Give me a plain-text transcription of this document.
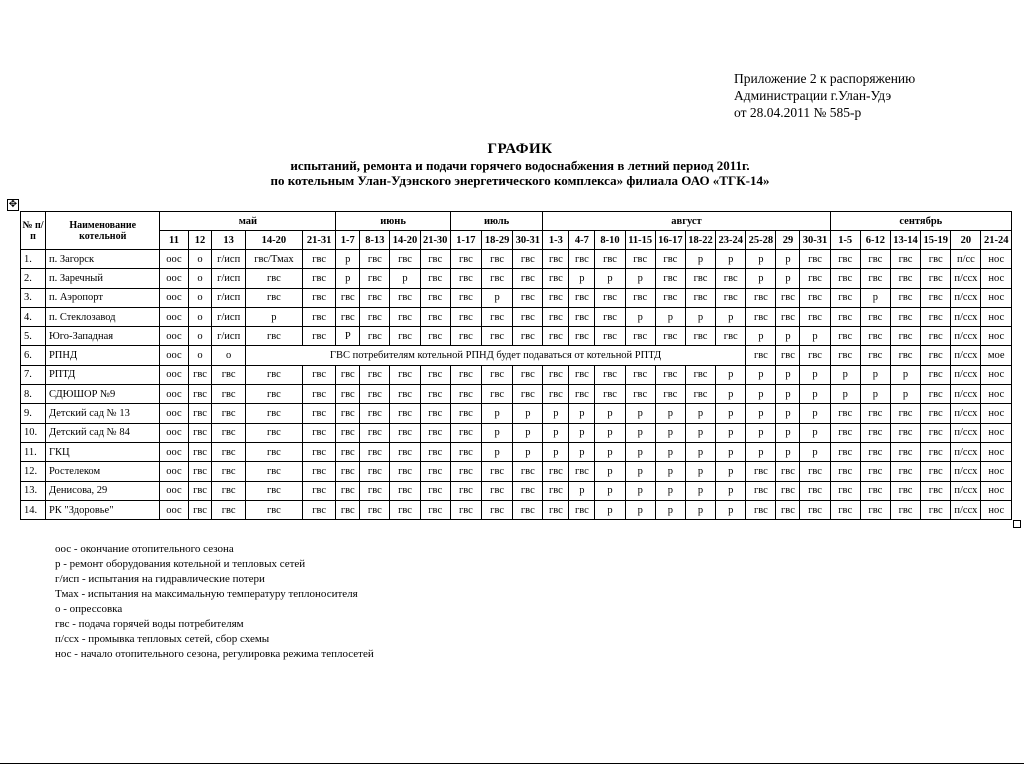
Приложение 2 к распоряжению
Администрации г.Улан-Удэ
от 28.04.2011 № 585-р
ГРАФИК
испытаний, ремонта и подачи горячего водоснабжения в летний период 2011г.
по котельным Улан-Удэнского энергетического комплекса» филиала ОАО «ТГК-14»
✥
№ п/п	Наименование котельной	май					июнь				июль			август										сентябрь					
		11	12	13	14-20	21-31	1-7	8-13	14-20	21-30	1-17	18-29	30-31	1-3	4-7	8-10	11-15	16-17	18-22	23-24	25-28	29	30-31	1-5	6-12	13-14	15-19	20	21-24
1.	п. Загорск	оос	о	г/исп	гвс/Тмах	гвс	р	гвс	гвс	гвс	гвс	гвс	гвс	гвс	гвс	гвс	гвс	гвс	р	р	р	р	гвс	гвс	гвс	гвс	гвс	п/сс	нос
2.	п. Заречный	оос	о	г/исп	гвс	гвс	р	гвс	р	гвс	гвс	гвс	гвс	гвс	р	р	р	гвс	гвс	гвс	р	р	гвс	гвс	гвс	гвс	гвс	п/ссх	нос
3.	п. Аэропорт	оос	о	г/исп	гвс	гвс	гвс	гвс	гвс	гвс	гвс	р	гвс	гвс	гвс	гвс	гвс	гвс	гвс	гвс	гвс	гвс	гвс	гвс	р	гвс	гвс	п/ссх	нос
4.	п. Стеклозавод	оос	о	г/исп	р	гвс	гвс	гвс	гвс	гвс	гвс	гвс	гвс	гвс	гвс	гвс	р	р	р	р	гвс	гвс	гвс	гвс	гвс	гвс	гвс	п/ссх	нос
5.	Юго-Западная	оос	о	г/исп	гвс	гвс	Р	гвс	гвс	гвс	гвс	гвс	гвс	гвс	гвс	гвс	гвс	гвс	гвс	гвс	р	р	р	гвс	гвс	гвс	гвс	п/ссх	нос
6.	РПНД	оос	о	о	ГВС потребителям котельной РПНД будет подаваться от котельной РПТД																гвс	гвс	гвс	гвс	гвс	гвс	гвс	п/ссх	мое
7.	РПТД	оос	гвс	гвс	гвс	гвс	гвс	гвс	гвс	гвс	гвс	гвс	гвс	гвс	гвс	гвс	гвс	гвс	гвс	р	р	р	р	р	р	р	гвс	п/ссх	нос
8.	СДЮШОР №9	оос	гвс	гвс	гвс	гвс	гвс	гвс	гвс	гвс	гвс	гвс	гвс	гвс	гвс	гвс	гвс	гвс	гвс	р	р	р	р	р	р	р	гвс	п/ссх	нос
9.	Детский сад № 13	оос	гвс	гвс	гвс	гвс	гвс	гвс	гвс	гвс	гвс	р	р	р	р	р	р	р	р	р	р	р	р	гвс	гвс	гвс	гвс	п/ссх	нос
10.	Детский сад № 84	оос	гвс	гвс	гвс	гвс	гвс	гвс	гвс	гвс	гвс	р	р	р	р	р	р	р	р	р	р	р	р	гвс	гвс	гвс	гвс	п/ссх	нос
11.	ГКЦ	оос	гвс	гвс	гвс	гвс	гвс	гвс	гвс	гвс	гвс	р	р	р	р	р	р	р	р	р	р	р	р	гвс	гвс	гвс	гвс	п/ссх	нос
12.	Ростелеком	оос	гвс	гвс	гвс	гвс	гвс	гвс	гвс	гвс	гвс	гвс	гвс	гвс	гвс	р	р	р	р	р	гвс	гвс	гвс	гвс	гвс	гвс	гвс	п/ссх	нос
13.	Денисова, 29	оос	гвс	гвс	гвс	гвс	гвс	гвс	гвс	гвс	гвс	гвс	гвс	гвс	р	р	р	р	р	р	гвс	гвс	гвс	гвс	гвс	гвс	гвс	п/ссх	нос
14.	РК "Здоровье"	оос	гвс	гвс	гвс	гвс	гвс	гвс	гвс	гвс	гвс	гвс	гвс	гвс	гвс	р	р	р	р	р	гвс	гвс	гвс	гвс	гвс	гвс	гвс	п/ссх	нос
оос - окончание отопительного сезона
р - ремонт оборудования котельной и тепловых сетей
г/исп - испытания на гидравлические потери
Тмах - испытания на максимальную температуру теплоносителя
о - опрессовка
гвс - подача горячей воды потребителям
п/ссх - промывка тепловых сетей, сбор схемы
нос - начало отопительного сезона, регулировка режима теплосетей
